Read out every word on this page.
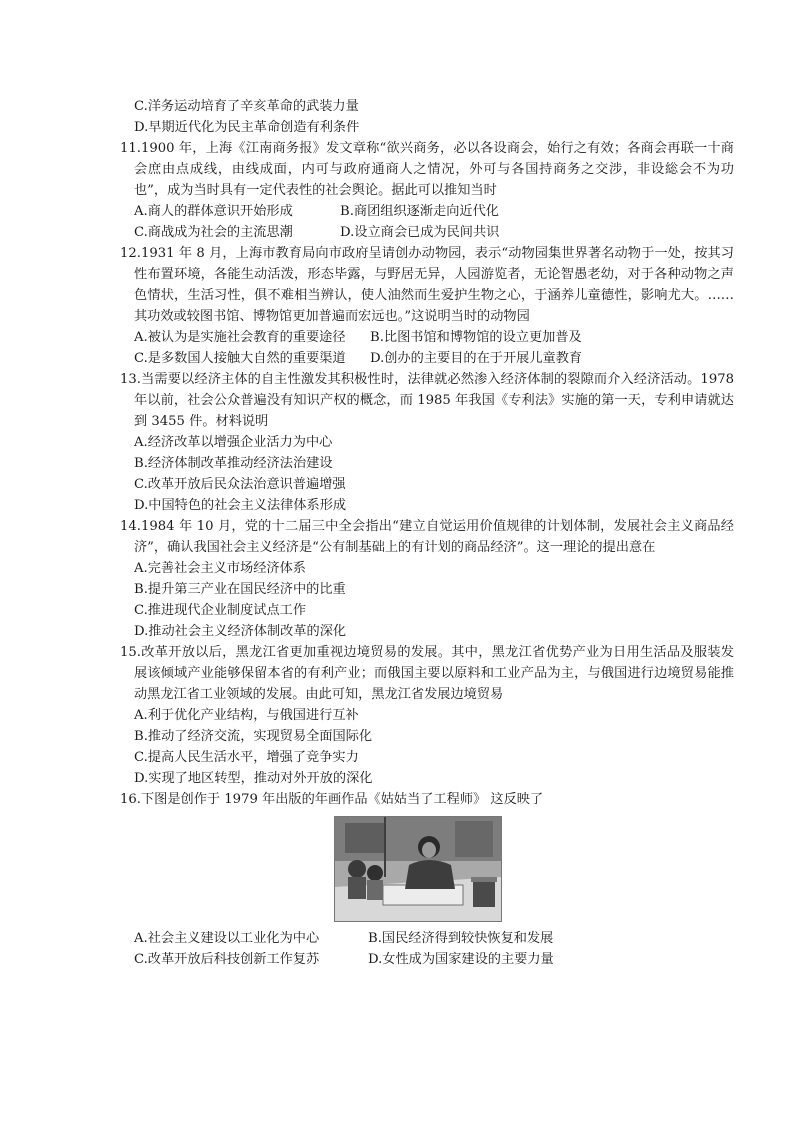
C.洋务运动培育了辛亥革命的武装力量
D.早期近代化为民主革命创造有利条件
11.1900 年，上海《江南商务报》发文章称“欲兴商务，必以各设商会，始行之有效；各商会再联一十商会庶由点成线，由线成面，内可与政府通商人之情况，外可与各国持商务之交涉，非设総会不为功也”，成为当时具有一定代表性的社会舆论。据此可以推知当时
A.商人的群体意识开始形成	B.商团组织逐渐走向近代化
C.商战成为社会的主流思潮	D.设立商会已成为民间共识
12.1931 年 8 月，上海市教育局向市政府呈请创办动物园，表示“动物园集世界著名动物于一处，按其习性布置环境，各能生动活泼，形态毕露，与野居无异，人园游览者，无论智愚老幼，对于各种动物之声色情状，生活习性，俱不难相当辨认，使人油然而生爱护生物之心，于涵养儿童德性，影响尤大。……其功效或较图书馆、博物馆更加普遍而宏远也。”这说明当时的动物园
A.被认为是实施社会教育的重要途径	B.比图书馆和博物馆的设立更加普及
C.是多数国人接触大自然的重要渠道	D.创办的主要目的在于开展儿童教育
13.当需要以经济主体的自主性激发其积极性时，法律就必然渗入经济体制的裂隙而介入经济活动。1978 年以前，社会公众普遍没有知识产权的概念，而 1985 年我国《专利法》实施的第一天，专利申请就达到 3455 件。材料说明
A.经济改革以增强企业活力为中心
B.经济体制改革推动经济法治建设
C.改革开放后民众法治意识普遍增强
D.中国特色的社会主义法律体系形成
14.1984 年 10 月，党的十二届三中全会指出“建立自觉运用价值规律的计划体制，发展社会主义商品经济”，确认我国社会主义经济是“公有制基础上的有计划的商品经济”。这一理论的提出意在
A.完善社会主义市场经济体系
B.提升第三产业在国民经济中的比重
C.推进现代企业制度试点工作
D.推动社会主义经济体制改革的深化
15.改革开放以后，黑龙江省更加重视边境贸易的发展。其中，黑龙江省优势产业为日用生活品及服装发展该倾域产业能够保留本省的有利产业；而俄国主要以原料和工业产品为主，与俄国进行边境贸易能推动黑龙江省工业领域的发展。由此可知，黑龙江省发展边境贸易
A.利于优化产业结构，与俄国进行互补
B.推动了经济交流，实现贸易全面国际化
C.提高人民生活水平，增强了竞争实力
D.实现了地区转型，推动对外开放的深化
16.下图是创作于 1979 年出版的年画作品《姑姑当了工程师》 这反映了
A.社会主义建设以工业化为中心	B.国民经济得到较快恢复和发展
C.改革开放后科技创新工作复苏	D.女性成为国家建设的主要力量
